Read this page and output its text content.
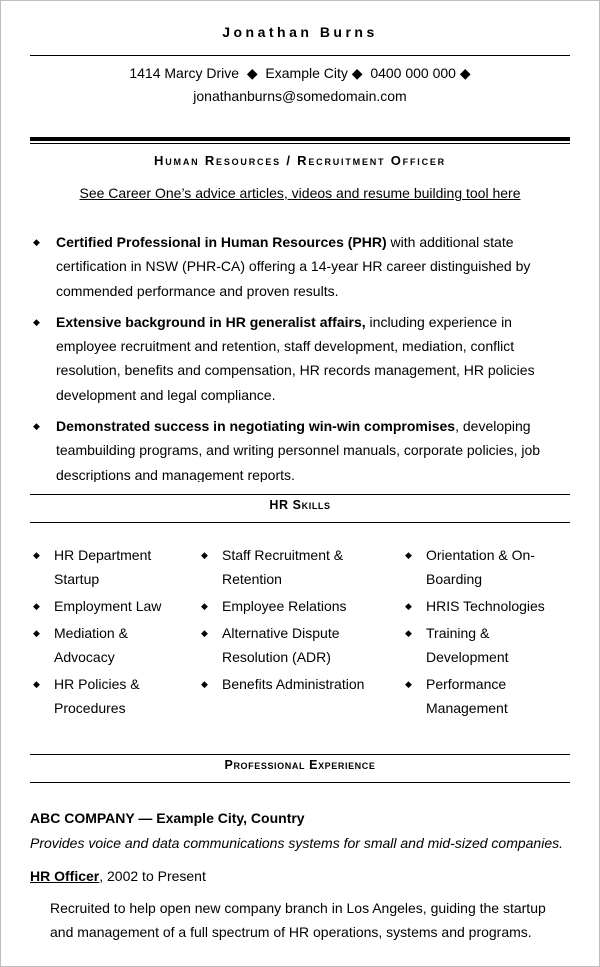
Jonathan Burns
1414 Marcy Drive ◆ Example City ◆ 0400 000 000 ◆
jonathanburns@somedomain.com
Human Resources / Recruitment Officer
See Career One’s advice articles, videos and resume building tool here
◆ Certified Professional in Human Resources (PHR) with additional state certification in NSW (PHR-CA) offering a 14-year HR career distinguished by commended performance and proven results.
◆ Extensive background in HR generalist affairs, including experience in employee recruitment and retention, staff development, mediation, conflict resolution, benefits and compensation, HR records management, HR policies development and legal compliance.
◆ Demonstrated success in negotiating win-win compromises, developing teambuilding programs, and writing personnel manuals, corporate policies, job descriptions and management reports.
HR Skills
◆ HR Department Startup
◆ Employment Law
◆ Mediation & Advocacy
◆ HR Policies & Procedures
◆ Staff Recruitment & Retention
◆ Employee Relations
◆ Alternative Dispute Resolution (ADR)
◆ Benefits Administration
◆ Orientation & On-Boarding
◆ HRIS Technologies
◆ Training & Development
◆ Performance Management
Professional Experience
ABC COMPANY — Example City, Country
Provides voice and data communications systems for small and mid-sized companies.
HR Officer, 2002 to Present
Recruited to help open new company branch in Los Angeles, guiding the startup and management of a full spectrum of HR operations, systems and programs.
